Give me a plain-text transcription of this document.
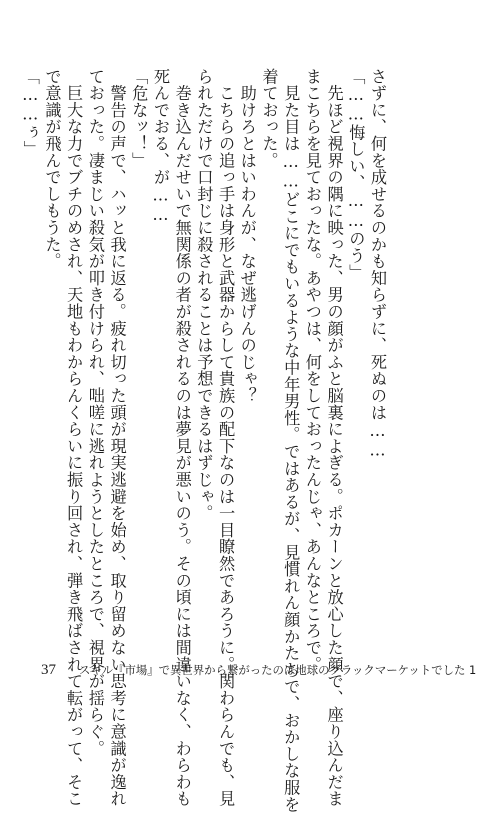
さずに、何を成せるのかも知らずに、死ぬのは……
「……悔しい、……のう」
　先ほど視界の隅に映った、男の顔がふと脳裏によぎる。ポカーンと放心した顔で、座り込んだま
まこちらを見ておったな。あやつは、何をしておったんじゃ、あんなところで。
　見た目は……どこにでもいるような中年男性。ではあるが、見慣れん顔かたちで、おかしな服を
着ておった。
　助けろとはいわんが、なぜ逃げんのじゃ？
　こちらの追っ手は身形と武器からして貴族の配下なのは一目瞭然であろうに。関わらんでも、見
られただけで口封じに殺されることは予想できるはずじゃ。
　巻き込んだせいで無関係の者が殺されるのは夢見が悪いのう。その頃には間違いなく、わらわも
死んでおる、が……
「危なッ！」
　警告の声で、ハッと我に返る。疲れ切った頭が現実逃避を始め、取り留めない思考に意識が逸れ
ておった。凄まじい殺気が叩き付けられ、咄嗟に逃れようとしたところで、視界が揺らぐ。
　巨大な力でブチのめされ、天地もわからんくらいに振り回され、弾き飛ばされて転がって、そこ
で意識が飛んでしもうた。
「……ぅ」
37 スキル『市場』で異世界から繋がったのは地球のブラックマーケットでした 1
